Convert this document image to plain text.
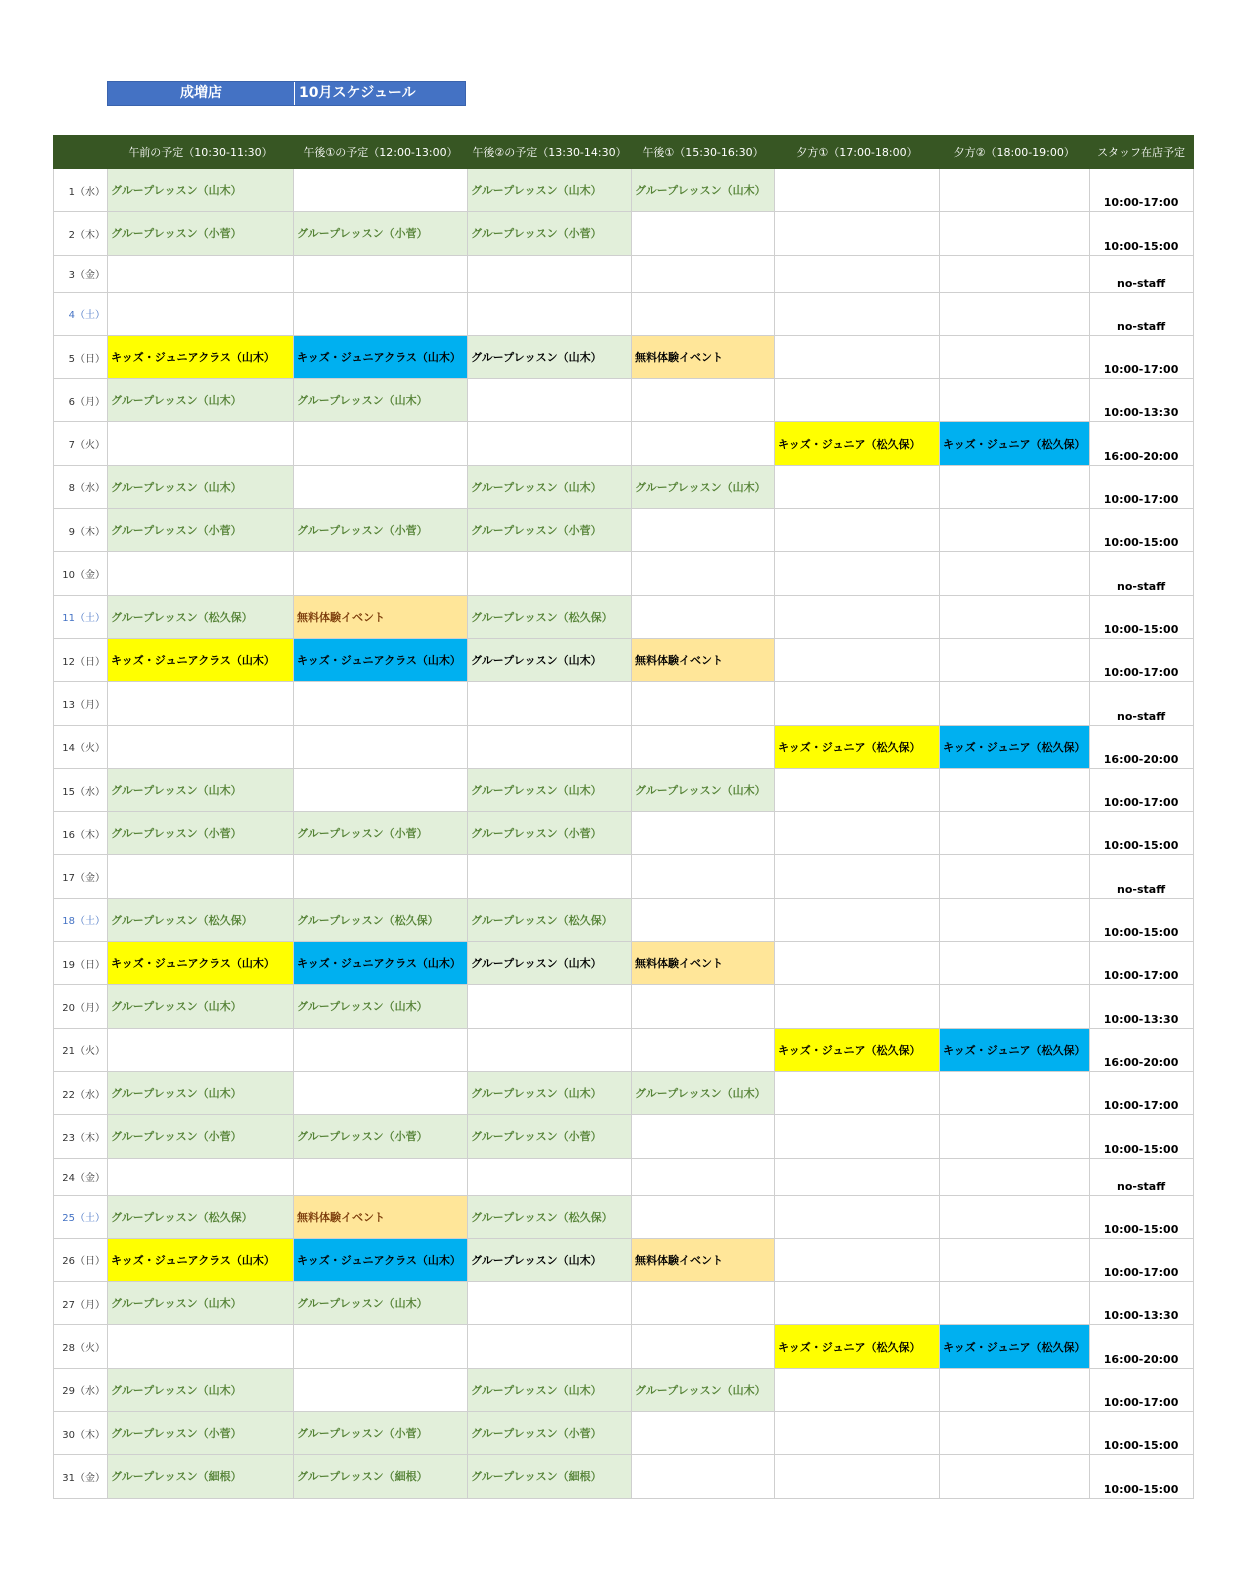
成増店	10月スケジュール
	午前の予定（10:30-11:30）	午後①の予定（12:00-13:00）	午後②の予定（13:30-14:30）	午後①（15:30-16:30）	夕方①（17:00-18:00）	夕方②（18:00-19:00）	スタッフ在店予定
1（水）	グループレッスン（山木）		グループレッスン（山木）	グループレッスン（山木）			10:00-17:00
2（木）	グループレッスン（小菅）	グループレッスン（小菅）	グループレッスン（小菅）				10:00-15:00
3（金）							no-staff
4（土）							no-staff
5（日）	キッズ・ジュニアクラス（山木）	キッズ・ジュニアクラス（山木）	グループレッスン（山木）	無料体験イベント			10:00-17:00
6（月）	グループレッスン（山木）	グループレッスン（山木）					10:00-13:30
7（火）					キッズ・ジュニア（松久保）	キッズ・ジュニア（松久保）	16:00-20:00
8（水）	グループレッスン（山木）		グループレッスン（山木）	グループレッスン（山木）			10:00-17:00
9（木）	グループレッスン（小菅）	グループレッスン（小菅）	グループレッスン（小菅）				10:00-15:00
10（金）							no-staff
11（土）	グループレッスン（松久保）	無料体験イベント	グループレッスン（松久保）				10:00-15:00
12（日）	キッズ・ジュニアクラス（山木）	キッズ・ジュニアクラス（山木）	グループレッスン（山木）	無料体験イベント			10:00-17:00
13（月）							no-staff
14（火）					キッズ・ジュニア（松久保）	キッズ・ジュニア（松久保）	16:00-20:00
15（水）	グループレッスン（山木）		グループレッスン（山木）	グループレッスン（山木）			10:00-17:00
16（木）	グループレッスン（小菅）	グループレッスン（小菅）	グループレッスン（小菅）				10:00-15:00
17（金）							no-staff
18（土）	グループレッスン（松久保）	グループレッスン（松久保）	グループレッスン（松久保）				10:00-15:00
19（日）	キッズ・ジュニアクラス（山木）	キッズ・ジュニアクラス（山木）	グループレッスン（山木）	無料体験イベント			10:00-17:00
20（月）	グループレッスン（山木）	グループレッスン（山木）					10:00-13:30
21（火）					キッズ・ジュニア（松久保）	キッズ・ジュニア（松久保）	16:00-20:00
22（水）	グループレッスン（山木）		グループレッスン（山木）	グループレッスン（山木）			10:00-17:00
23（木）	グループレッスン（小菅）	グループレッスン（小菅）	グループレッスン（小菅）				10:00-15:00
24（金）							no-staff
25（土）	グループレッスン（松久保）	無料体験イベント	グループレッスン（松久保）				10:00-15:00
26（日）	キッズ・ジュニアクラス（山木）	キッズ・ジュニアクラス（山木）	グループレッスン（山木）	無料体験イベント			10:00-17:00
27（月）	グループレッスン（山木）	グループレッスン（山木）					10:00-13:30
28（火）					キッズ・ジュニア（松久保）	キッズ・ジュニア（松久保）	16:00-20:00
29（水）	グループレッスン（山木）		グループレッスン（山木）	グループレッスン（山木）			10:00-17:00
30（木）	グループレッスン（小菅）	グループレッスン（小菅）	グループレッスン（小菅）				10:00-15:00
31（金）	グループレッスン（細根）	グループレッスン（細根）	グループレッスン（細根）				10:00-15:00
